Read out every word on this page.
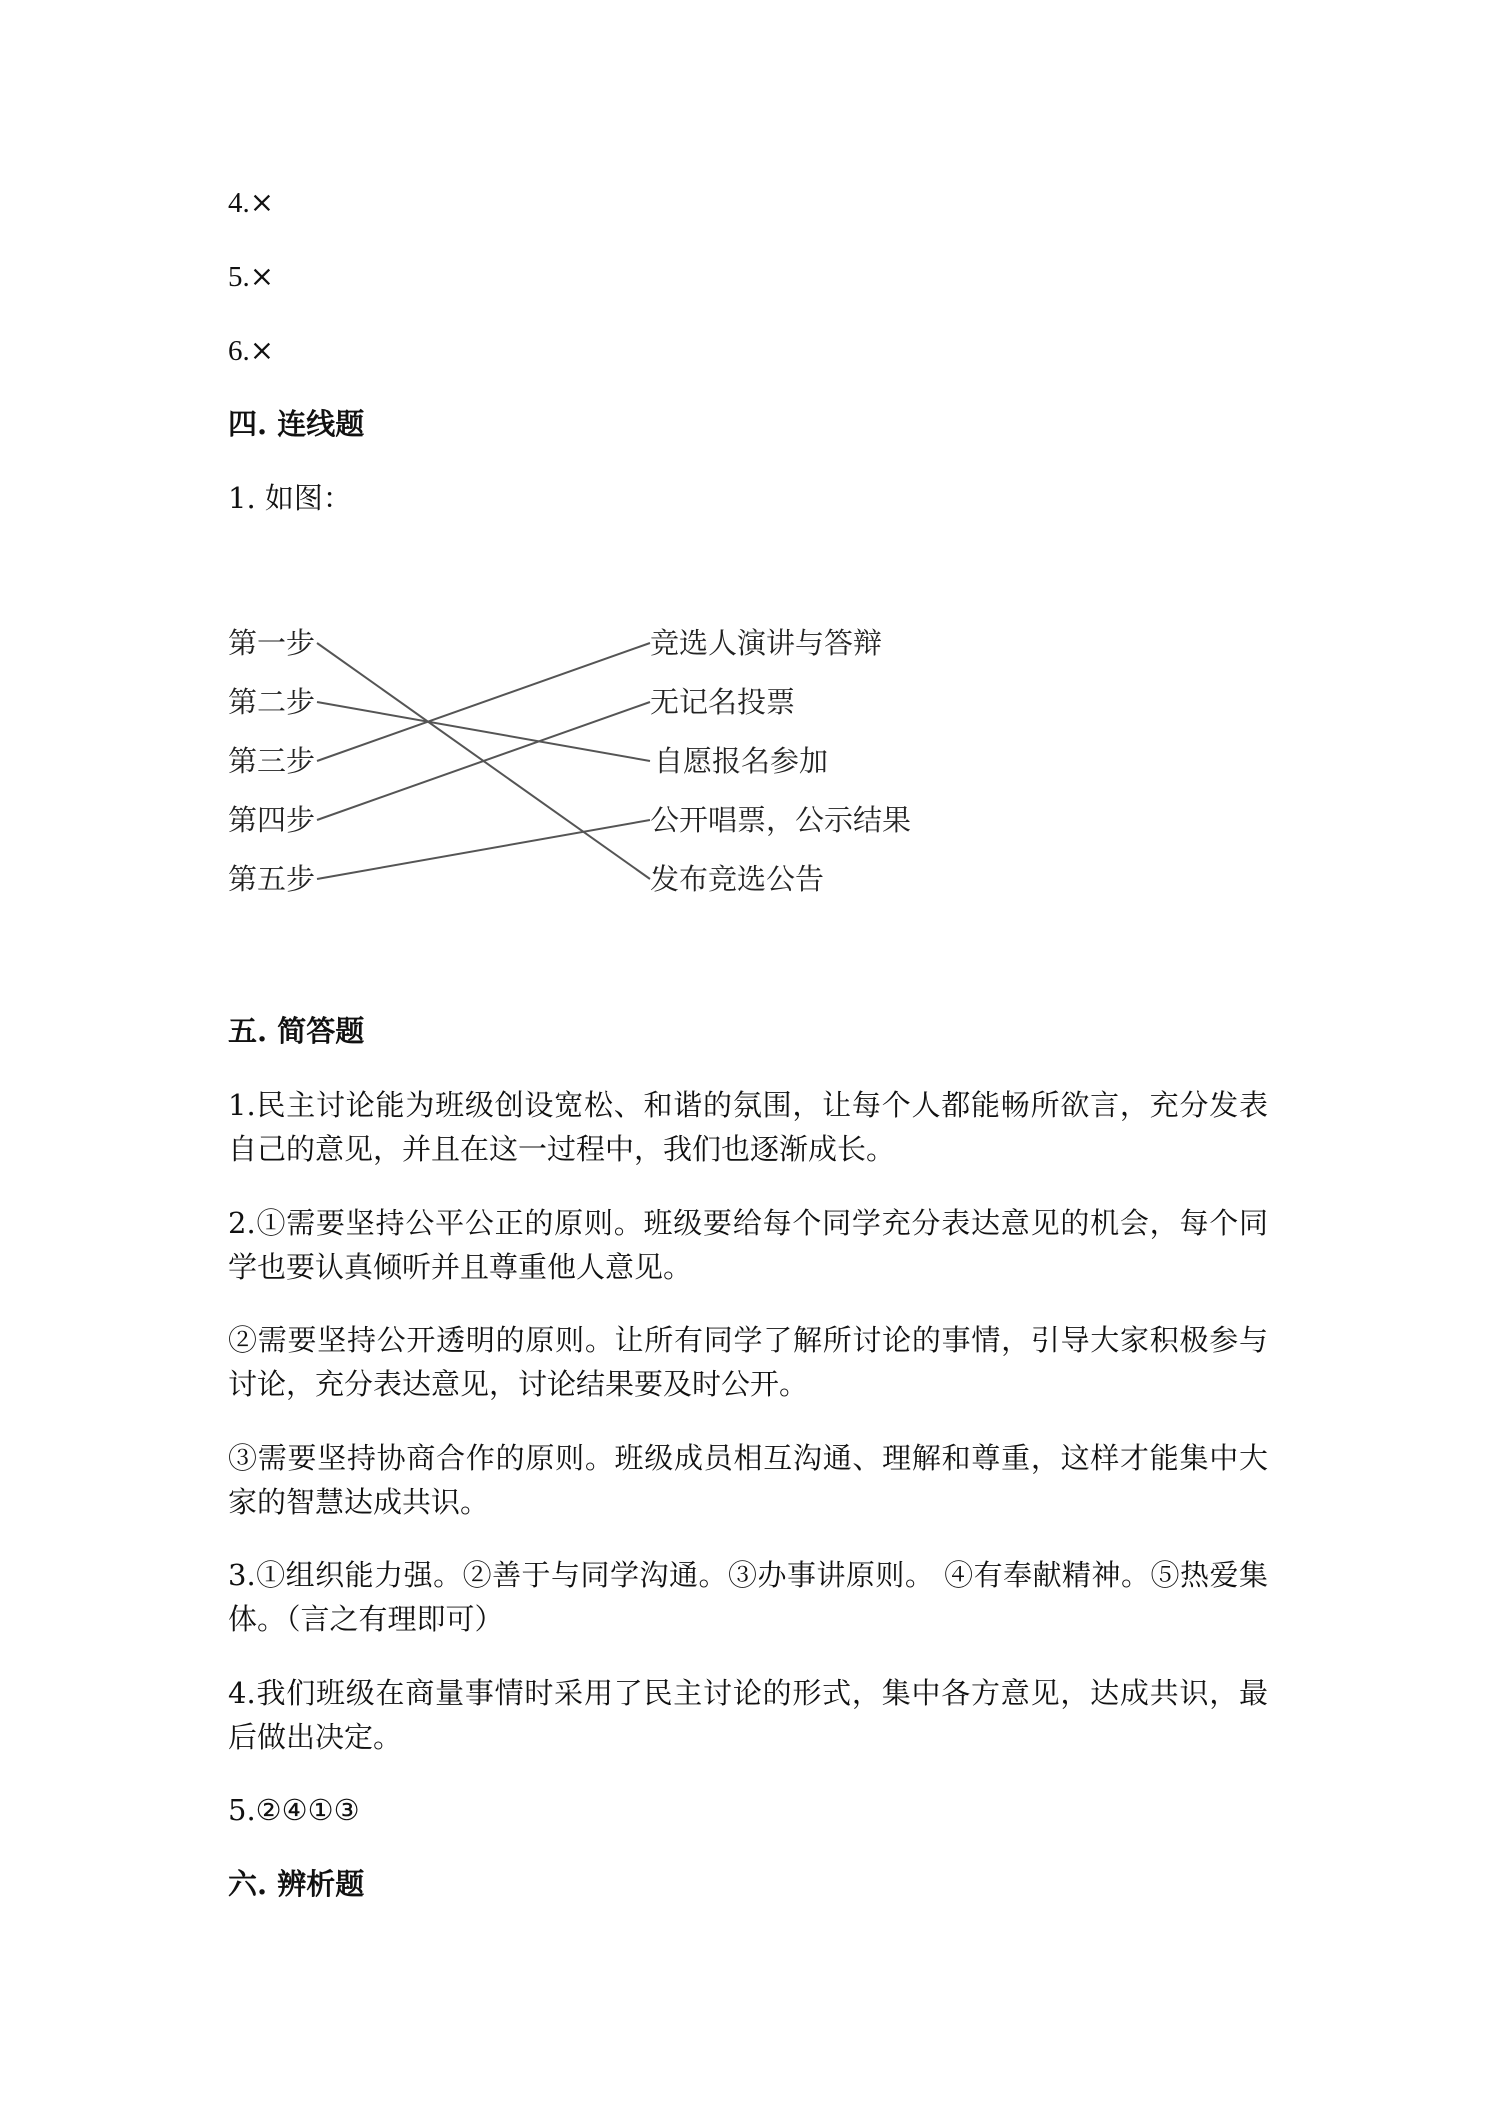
4.×
5.×
6.×
四. 连线题
1. 如图：
第一步
第二步
第三步
第四步
第五步
竞选人演讲与答辩
无记名投票
自愿报名参加
公开唱票，公示结果
发布竞选公告
五. 简答题
1.民主讨论能为班级创设宽松、和谐的氛围，让每个人都能畅所欲言，充分发表自己的意见，并且在这一过程中，我们也逐渐成长。
2.①需要坚持公平公正的原则。班级要给每个同学充分表达意见的机会，每个同学也要认真倾听并且尊重他人意见。
②需要坚持公开透明的原则。让所有同学了解所讨论的事情，引导大家积极参与讨论，充分表达意见，讨论结果要及时公开。
③需要坚持协商合作的原则。班级成员相互沟通、理解和尊重，这样才能集中大家的智慧达成共识。
3.①组织能力强。②善于与同学沟通。③办事讲原则。 ④有奉献精神。⑤热爱集体。（言之有理即可）
4.我们班级在商量事情时采用了民主讨论的形式，集中各方意见，达成共识，最后做出决定。
5.②④①③
六. 辨析题
